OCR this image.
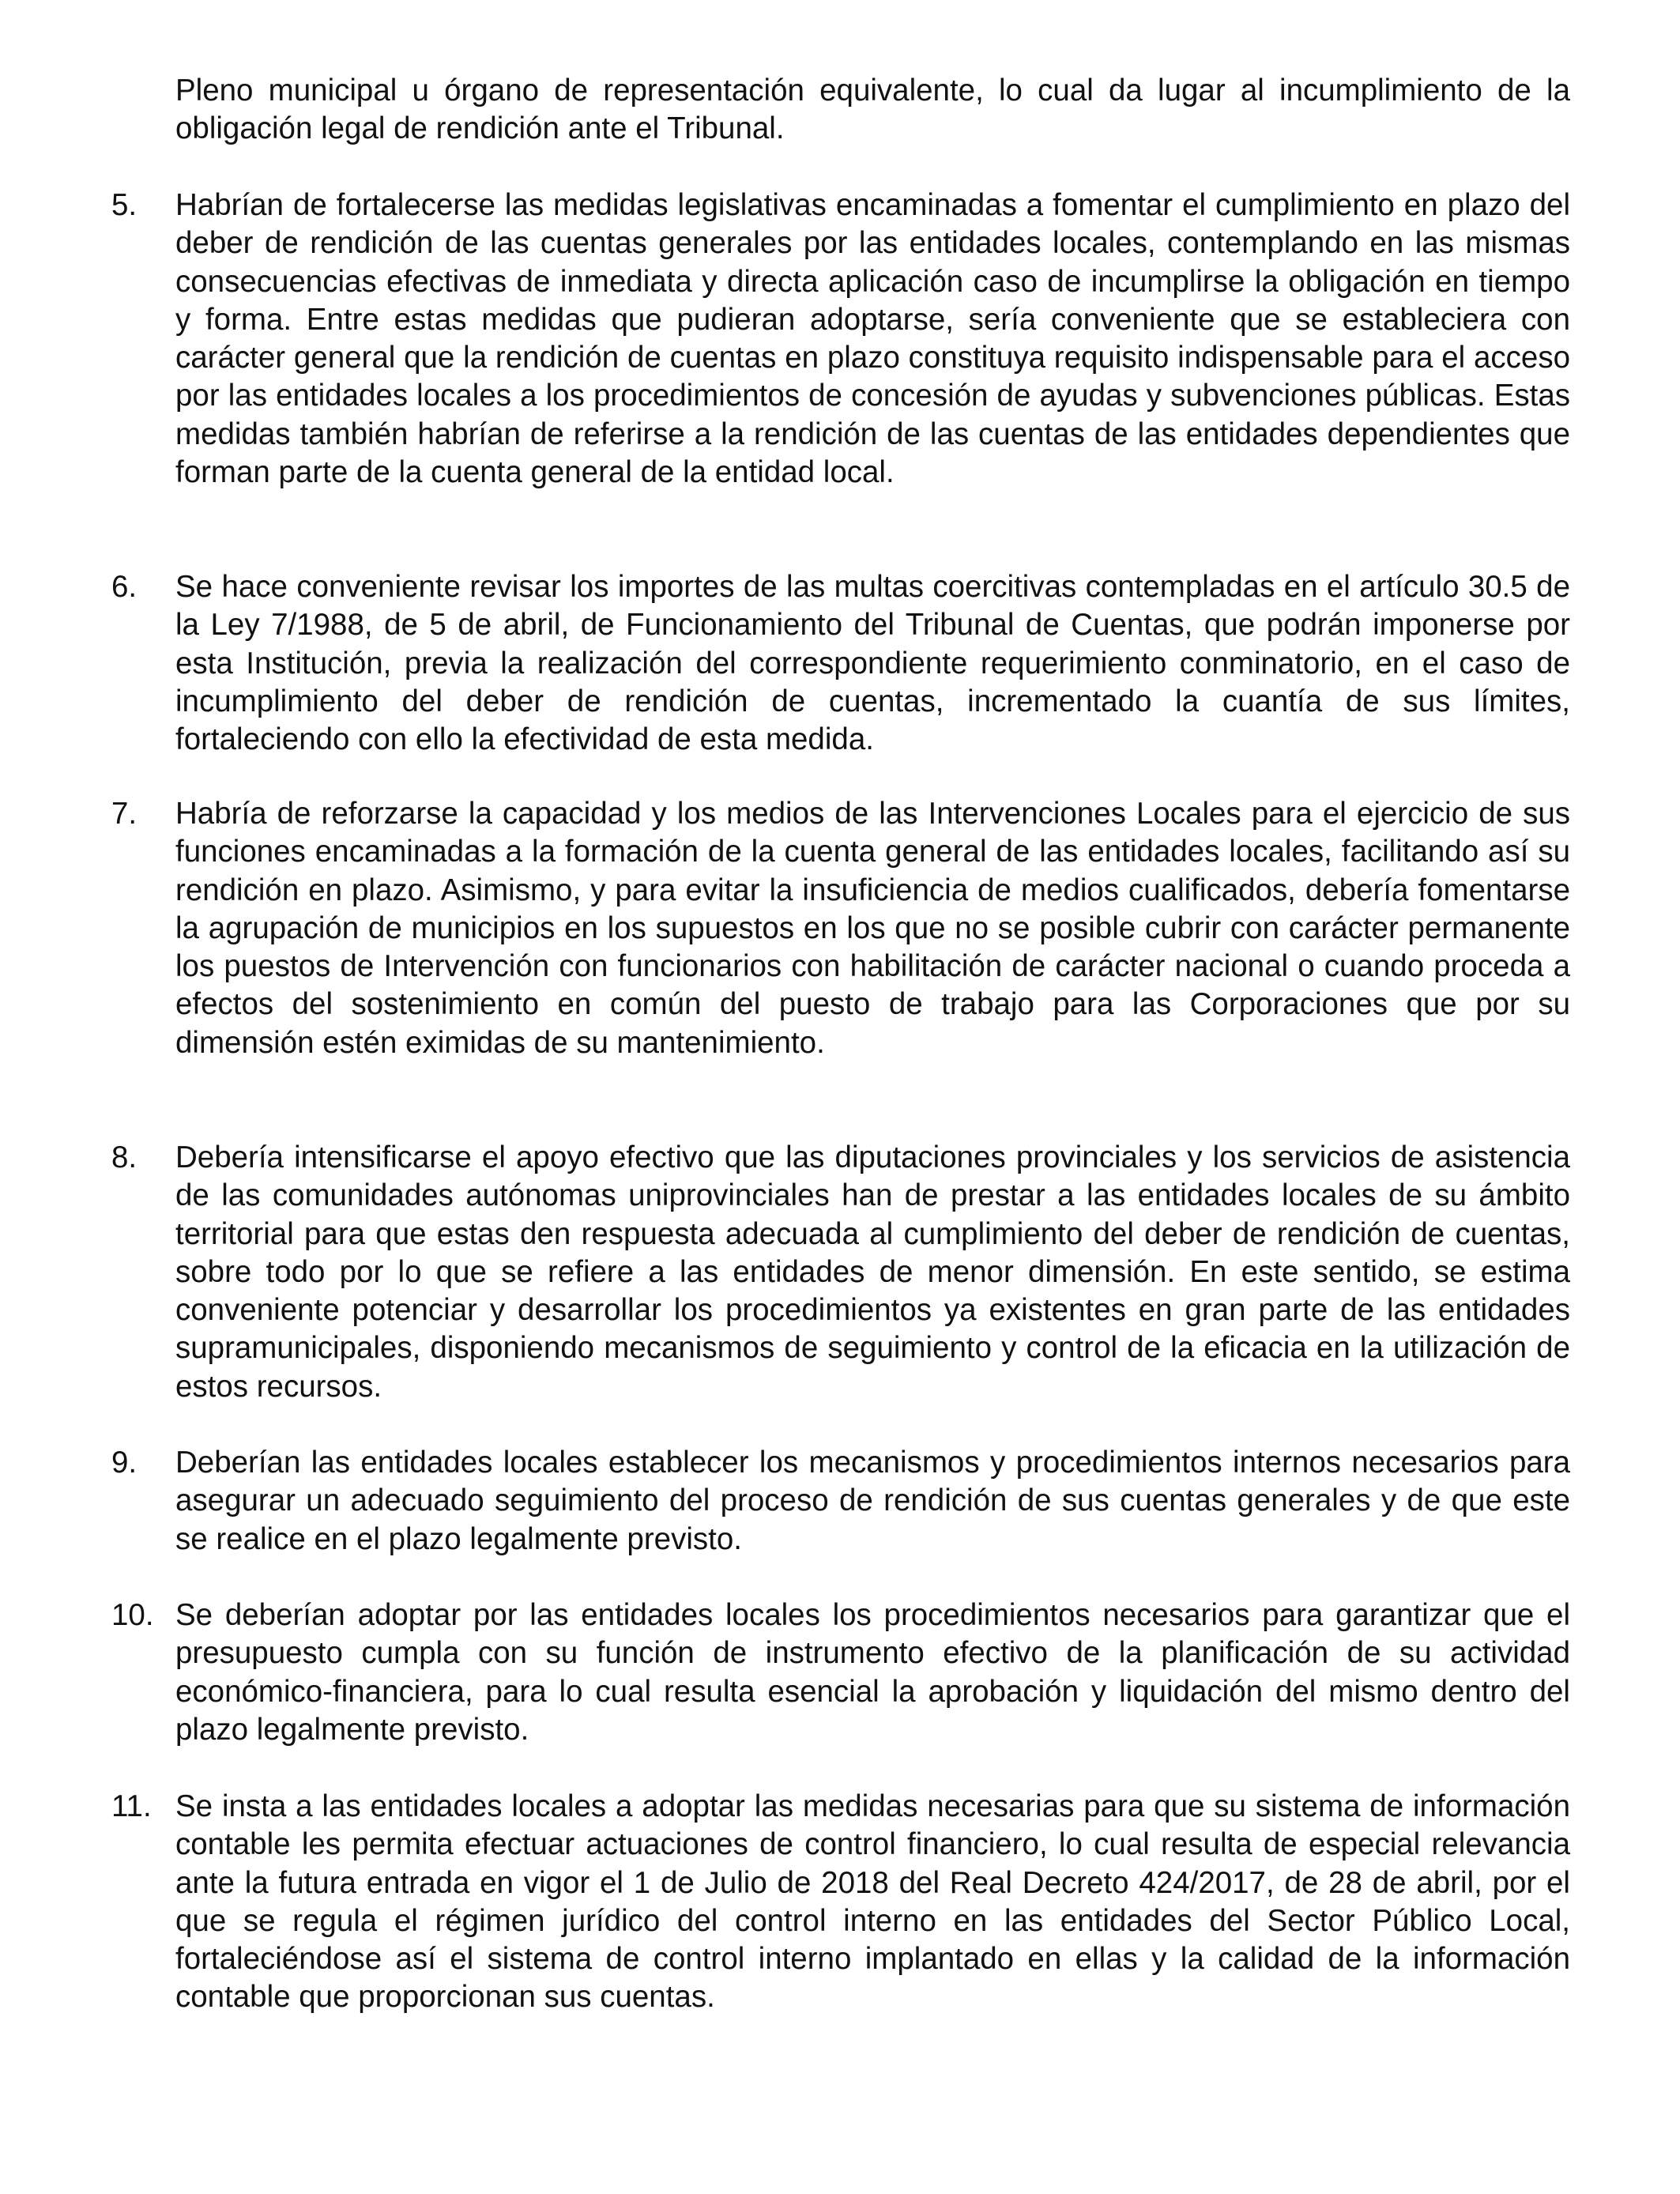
Pleno municipal u órgano de representación equivalente, lo cual da lugar al incumplimiento de la obligación legal de rendición ante el Tribunal.
5.	Habrían de fortalecerse las medidas legislativas encaminadas a fomentar el cumplimiento en plazo del deber de rendición de las cuentas generales por las entidades locales, contemplando en las mismas consecuencias efectivas de inmediata y directa aplicación caso de incumplirse la obligación en tiempo y forma. Entre estas medidas que pudieran adoptarse, sería conveniente que se estableciera con carácter general que la rendición de cuentas en plazo constituya requisito indispensable para el acceso por las entidades locales a los procedimientos de concesión de ayudas y subvenciones públicas. Estas medidas también habrían de referirse a la rendición de las cuentas de las entidades dependientes que forman parte de la cuenta general de la entidad local.
6.	Se hace conveniente revisar los importes de las multas coercitivas contempladas en el artículo 30.5 de la Ley 7/1988, de 5 de abril, de Funcionamiento del Tribunal de Cuentas, que podrán imponerse por esta Institución, previa la realización del correspondiente requerimiento conminatorio, en el caso de incumplimiento del deber de rendición de cuentas, incrementado la cuantía de sus límites, fortaleciendo con ello la efectividad de esta medida.
7.	Habría de reforzarse la capacidad y los medios de las Intervenciones Locales para el ejercicio de sus funciones encaminadas a la formación de la cuenta general de las entidades locales, facilitando así su rendición en plazo. Asimismo, y para evitar la insuficiencia de medios cualificados, debería fomentarse la agrupación de municipios en los supuestos en los que no se posible cubrir con carácter permanente los puestos de Intervención con funcionarios con habilitación de carácter nacional o cuando proceda a efectos del sostenimiento en común del puesto de trabajo para las Corporaciones que por su dimensión estén eximidas de su mantenimiento.
8.	Debería intensificarse el apoyo efectivo que las diputaciones provinciales y los servicios de asistencia de las comunidades autónomas uniprovinciales han de prestar a las entidades locales de su ámbito territorial para que estas den respuesta adecuada al cumplimiento del deber de rendición de cuentas, sobre todo por lo que se refiere a las entidades de menor dimensión. En este sentido, se estima conveniente potenciar y desarrollar los procedimientos ya existentes en gran parte de las entidades supramunicipales, disponiendo mecanismos de seguimiento y control de la eficacia en la utilización de estos recursos.
9.	Deberían las entidades locales establecer los mecanismos y procedimientos internos necesarios para asegurar un adecuado seguimiento del proceso de rendición de sus cuentas generales y de que este se realice en el plazo legalmente previsto.
10. Se deberían adoptar por las entidades locales los procedimientos necesarios para garantizar que el presupuesto cumpla con su función de instrumento efectivo de la planificación de su actividad económico-financiera, para lo cual resulta esencial la aprobación y liquidación del mismo dentro del plazo legalmente previsto.
11. Se insta a las entidades locales a adoptar las medidas necesarias para que su sistema de información contable les permita efectuar actuaciones de control financiero, lo cual resulta de especial relevancia ante la futura entrada en vigor el 1 de Julio de 2018 del Real Decreto 424/2017, de 28 de abril, por el que se regula el régimen jurídico del control interno en las entidades del Sector Público Local, fortaleciéndose así el sistema de control interno implantado en ellas y la calidad de la información contable que proporcionan sus cuentas.
